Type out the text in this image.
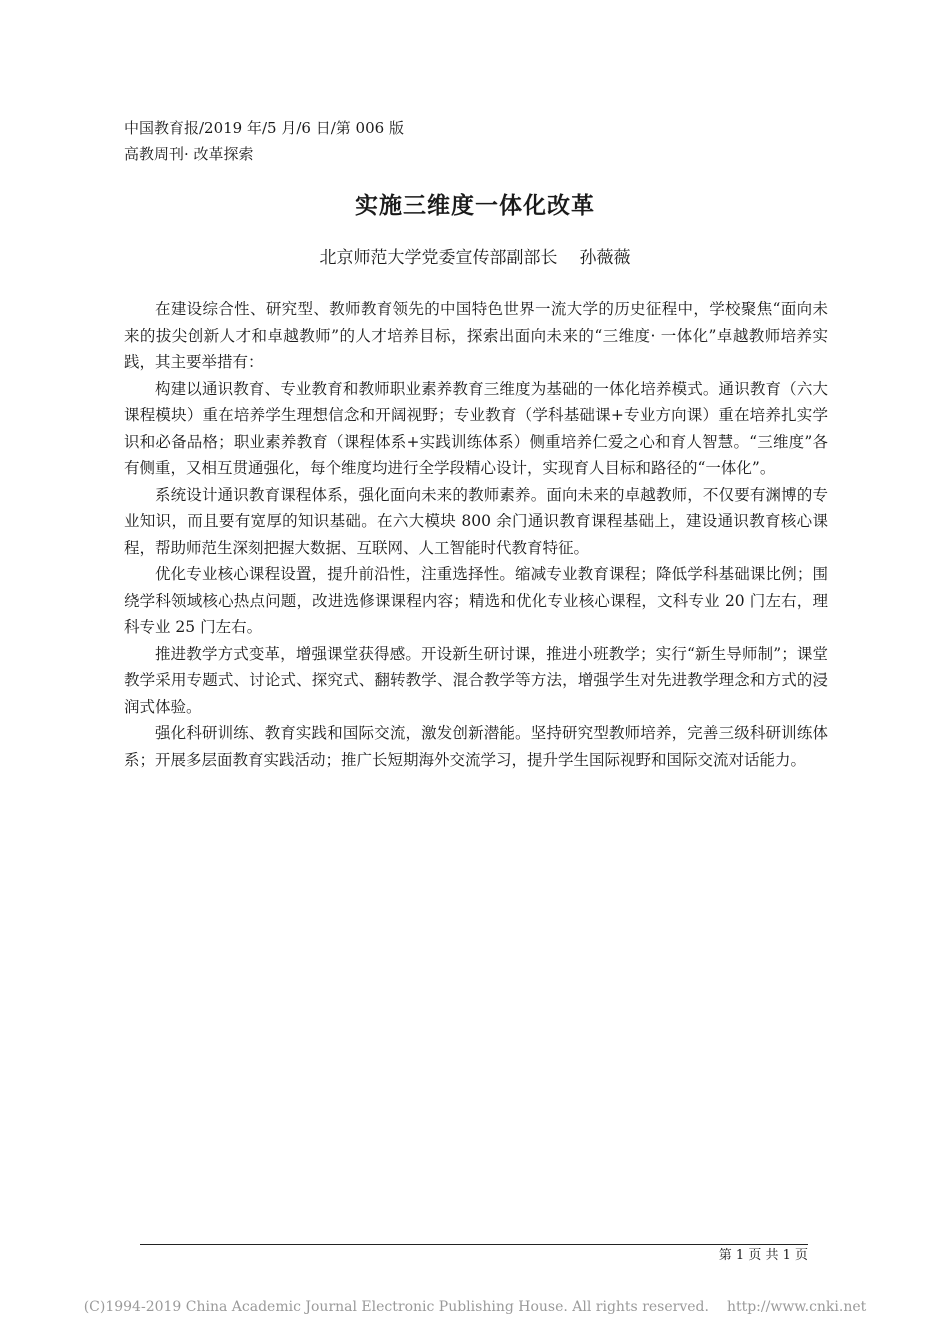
中国教育报/2019 年/5 月/6 日/第 006 版
高教周刊· 改革探索
实施三维度一体化改革
北京师范大学党委宣传部副部长 孙薇薇

在建设综合性、研究型、教师教育领先的中国特色世界一流大学的历史征程中，学校聚焦“面向未来的拔尖创新人才和卓越教师”的人才培养目标，探索出面向未来的“三维度· 一体化”卓越教师培养实践，其主要举措有：

构建以通识教育、专业教育和教师职业素养教育三维度为基础的一体化培养模式。通识教育（六大课程模块）重在培养学生理想信念和开阔视野；专业教育（学科基础课+专业方向课）重在培养扎实学识和必备品格；职业素养教育（课程体系+实践训练体系）侧重培养仁爱之心和育人智慧。“三维度”各有侧重，又相互贯通强化，每个维度均进行全学段精心设计，实现育人目标和路径的“一体化”。

系统设计通识教育课程体系，强化面向未来的教师素养。面向未来的卓越教师，不仅要有渊博的专业知识，而且要有宽厚的知识基础。在六大模块 800 余门通识教育课程基础上，建设通识教育核心课程，帮助师范生深刻把握大数据、互联网、人工智能时代教育特征。

优化专业核心课程设置，提升前沿性，注重选择性。缩减专业教育课程；降低学科基础课比例；围绕学科领域核心热点问题，改进选修课课程内容；精选和优化专业核心课程，文科专业 20 门左右，理科专业 25 门左右。

推进教学方式变革，增强课堂获得感。开设新生研讨课，推进小班教学；实行“新生导师制”；课堂教学采用专题式、讨论式、探究式、翻转教学、混合教学等方法，增强学生对先进教学理念和方式的浸润式体验。

强化科研训练、教育实践和国际交流，激发创新潜能。坚持研究型教师培养，完善三级科研训练体系；开展多层面教育实践活动；推广长短期海外交流学习，提升学生国际视野和国际交流对话能力。

第 1 页 共 1 页
(C)1994-2019 China Academic Journal Electronic Publishing House. All rights reserved. http://www.cnki.net
